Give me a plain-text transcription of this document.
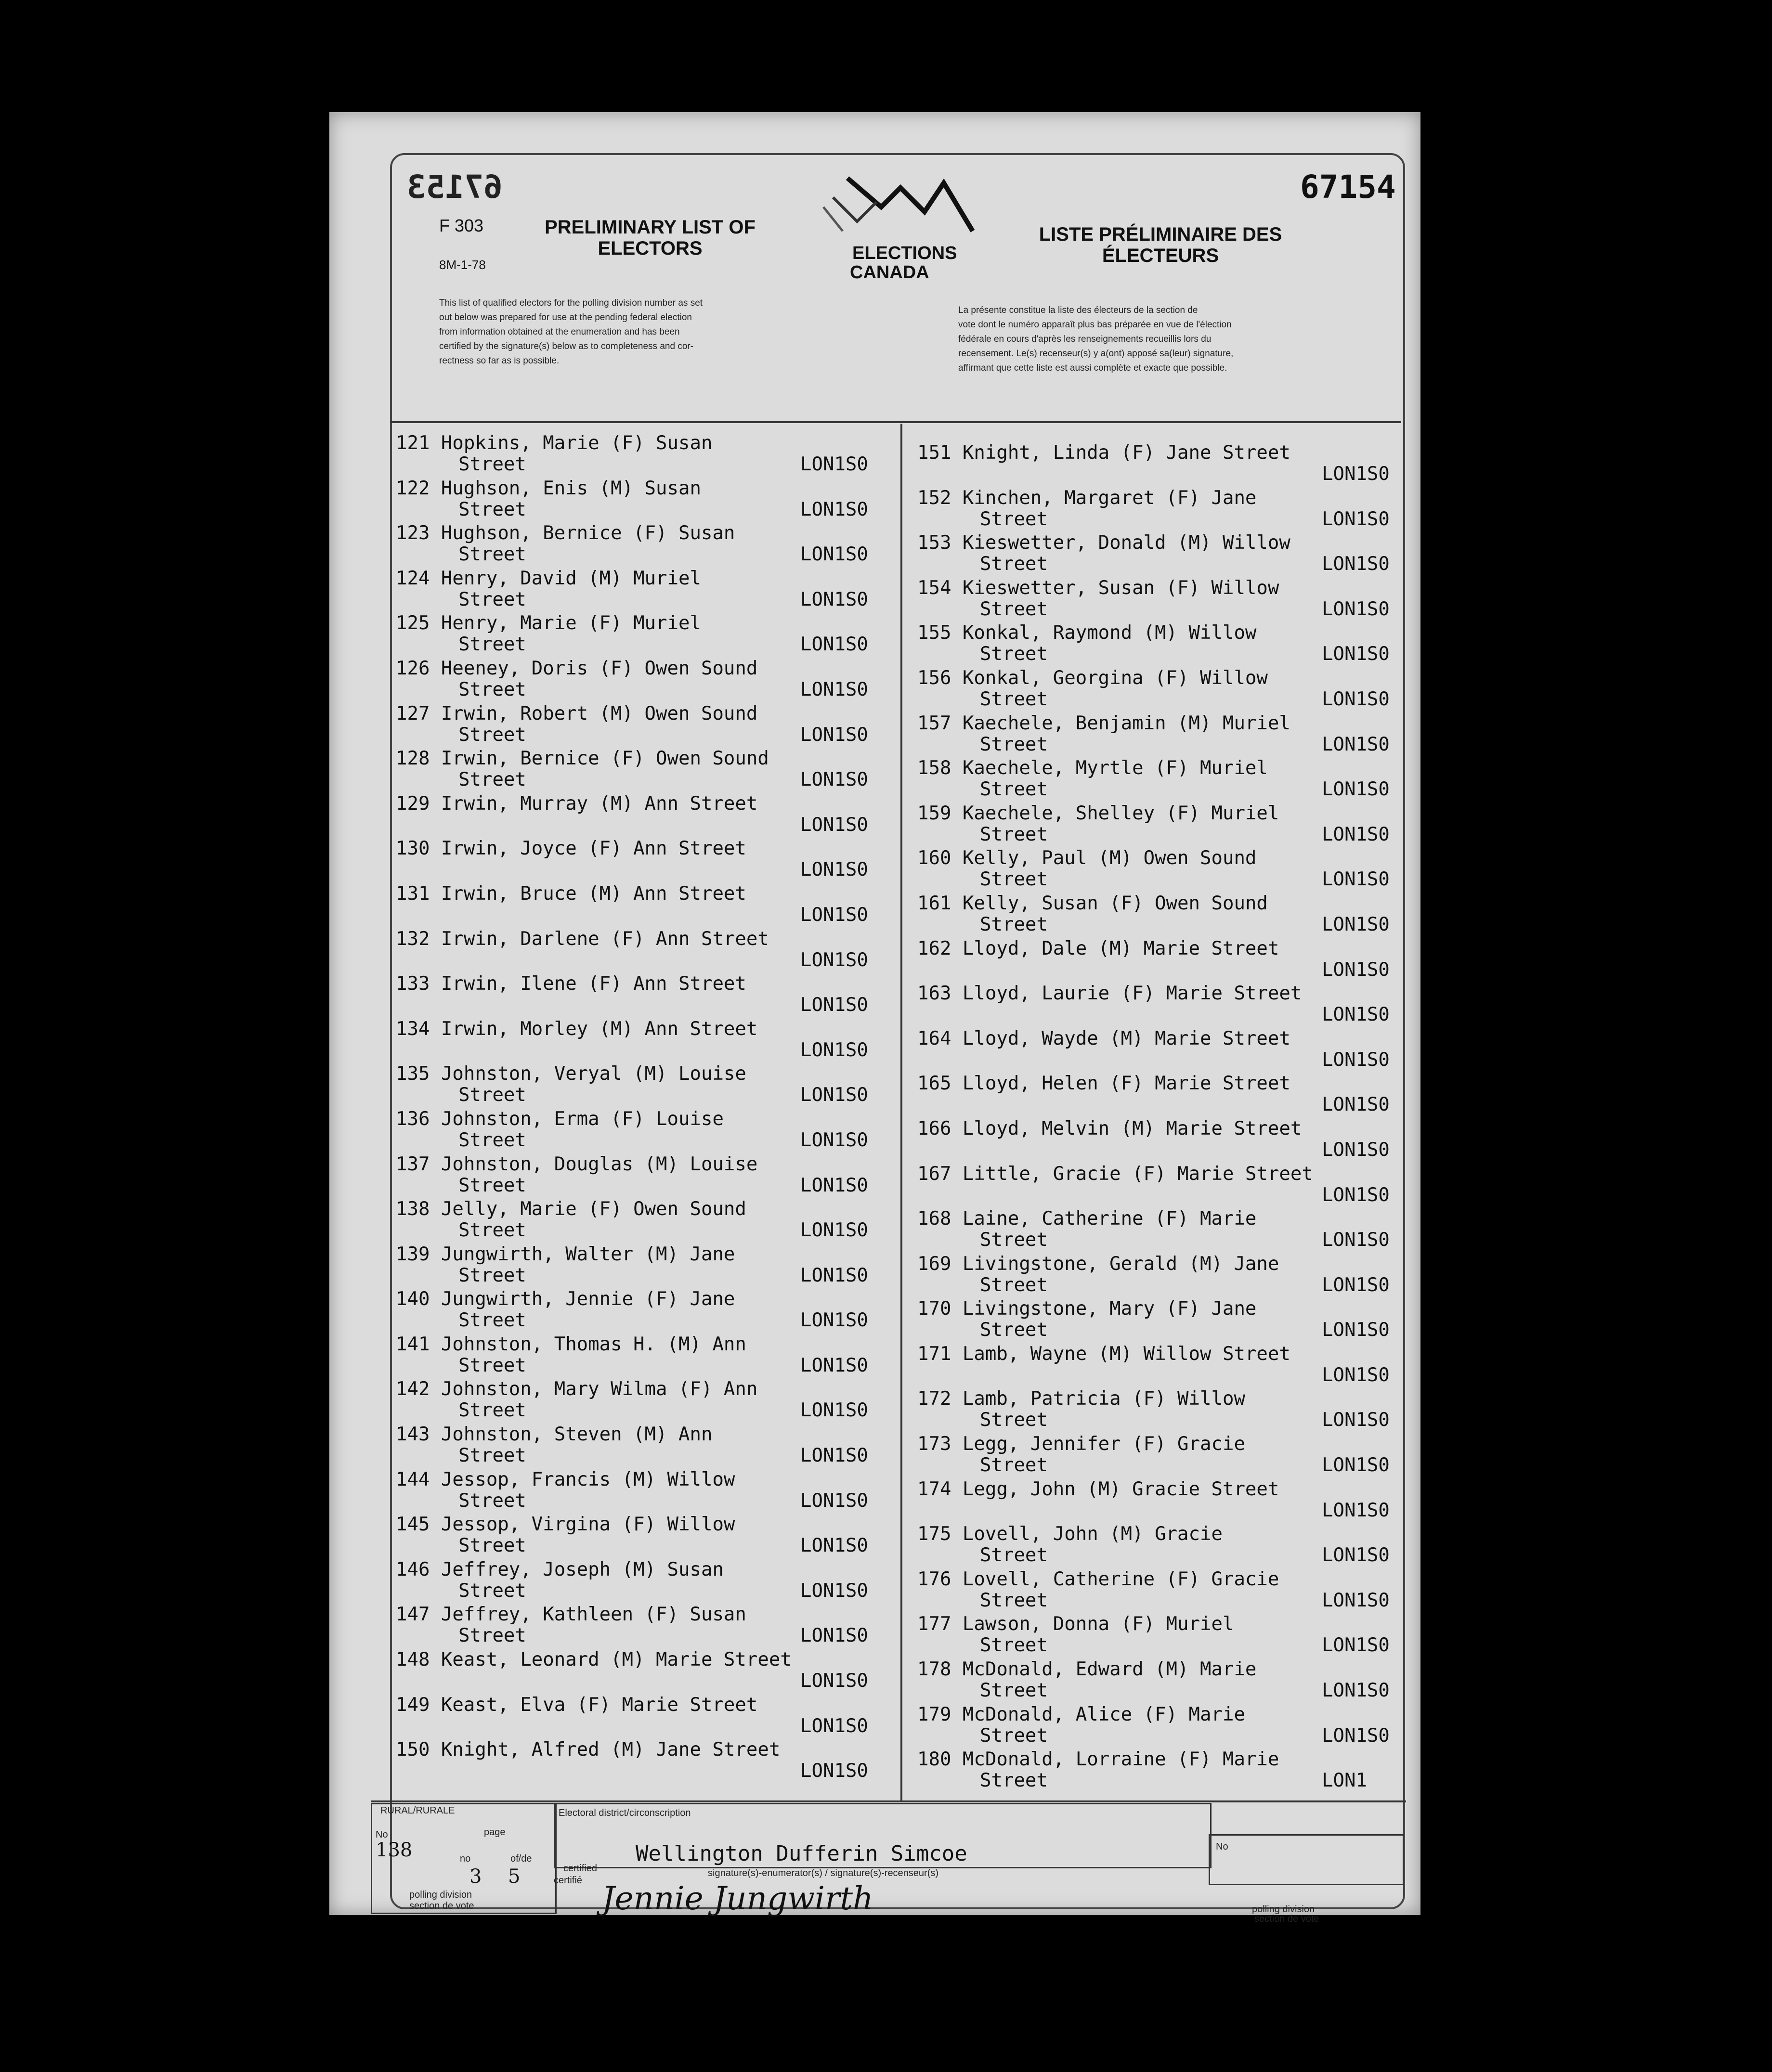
67153	67154
F 303
8M-1-78
PRELIMINARY LIST OF
ELECTORS
LISTE PRÉLIMINAIRE DES
ÉLECTEURS
ELECTIONS
CANADA
This list of qualified electors for the polling division number as set
out below was prepared for use at the pending federal election
from information obtained at the enumeration and has been
certified by the signature(s) below as to completeness and cor-
rectness so far as is possible.
La présente constitue la liste des électeurs de la section de
vote dont le numéro apparaît plus bas préparée en vue de l'élection
fédérale en cours d'après les renseignements recueillis lors du
recensement. Le(s) recenseur(s) y a(ont) apposé sa(leur) signature,
affirmant que cette liste est aussi complète et exacte que possible.
121 Hopkins, Marie (F) Susan
Street	LON1S0
122 Hughson, Enis (M) Susan
Street	LON1S0
123 Hughson, Bernice (F) Susan
Street	LON1S0
124 Henry, David (M) Muriel
Street	LON1S0
125 Henry, Marie (F) Muriel
Street	LON1S0
126 Heeney, Doris (F) Owen Sound
Street	LON1S0
127 Irwin, Robert (M) Owen Sound
Street	LON1S0
128 Irwin, Bernice (F) Owen Sound
Street	LON1S0
129 Irwin, Murray (M) Ann Street
LON1S0
130 Irwin, Joyce (F) Ann Street
LON1S0
131 Irwin, Bruce (M) Ann Street
LON1S0
132 Irwin, Darlene (F) Ann Street
LON1S0
133 Irwin, Ilene (F) Ann Street
LON1S0
134 Irwin, Morley (M) Ann Street
LON1S0
135 Johnston, Veryal (M) Louise
Street	LON1S0
136 Johnston, Erma (F) Louise
Street	LON1S0
137 Johnston, Douglas (M) Louise
Street	LON1S0
138 Jelly, Marie (F) Owen Sound
Street	LON1S0
139 Jungwirth, Walter (M) Jane
Street	LON1S0
140 Jungwirth, Jennie (F) Jane
Street	LON1S0
141 Johnston, Thomas H. (M) Ann
Street	LON1S0
142 Johnston, Mary Wilma (F) Ann
Street	LON1S0
143 Johnston, Steven (M) Ann
Street	LON1S0
144 Jessop, Francis (M) Willow
Street	LON1S0
145 Jessop, Virgina (F) Willow
Street	LON1S0
146 Jeffrey, Joseph (M) Susan
Street	LON1S0
147 Jeffrey, Kathleen (F) Susan
Street	LON1S0
148 Keast, Leonard (M) Marie Street
LON1S0
149 Keast, Elva (F) Marie Street
LON1S0
150 Knight, Alfred (M) Jane Street
LON1S0
151 Knight, Linda (F) Jane Street
LON1S0
152 Kinchen, Margaret (F) Jane
Street	LON1S0
153 Kieswetter, Donald (M) Willow
Street	LON1S0
154 Kieswetter, Susan (F) Willow
Street	LON1S0
155 Konkal, Raymond (M) Willow
Street	LON1S0
156 Konkal, Georgina (F) Willow
Street	LON1S0
157 Kaechele, Benjamin (M) Muriel
Street	LON1S0
158 Kaechele, Myrtle (F) Muriel
Street	LON1S0
159 Kaechele, Shelley (F) Muriel
Street	LON1S0
160 Kelly, Paul (M) Owen Sound
Street	LON1S0
161 Kelly, Susan (F) Owen Sound
Street	LON1S0
162 Lloyd, Dale (M) Marie Street
LON1S0
163 Lloyd, Laurie (F) Marie Street
LON1S0
164 Lloyd, Wayde (M) Marie Street
LON1S0
165 Lloyd, Helen (F) Marie Street
LON1S0
166 Lloyd, Melvin (M) Marie Street
LON1S0
167 Little, Gracie (F) Marie Street
LON1S0
168 Laine, Catherine (F) Marie
Street	LON1S0
169 Livingstone, Gerald (M) Jane
Street	LON1S0
170 Livingstone, Mary (F) Jane
Street	LON1S0
171 Lamb, Wayne (M) Willow Street
LON1S0
172 Lamb, Patricia (F) Willow
Street	LON1S0
173 Legg, Jennifer (F) Gracie
Street	LON1S0
174 Legg, John (M) Gracie Street
LON1S0
175 Lovell, John (M) Gracie
Street	LON1S0
176 Lovell, Catherine (F) Gracie
Street	LON1S0
177 Lawson, Donna (F) Muriel
Street	LON1S0
178 McDonald, Edward (M) Marie
Street	LON1S0
179 McDonald, Alice (F) Marie
Street	LON1S0
180 McDonald, Lorraine (F) Marie
Street	LON1
RURAL/RURALE
No	page
no	of/de
polling division
section de vote
138
3 5
Electoral district/circonscription
Wellington Dufferin Simcoe
certified
certifié
signature(s)-enumerator(s) / signature(s)-recenseur(s)
Jennie Jungwirth
No
polling division
section de vote
